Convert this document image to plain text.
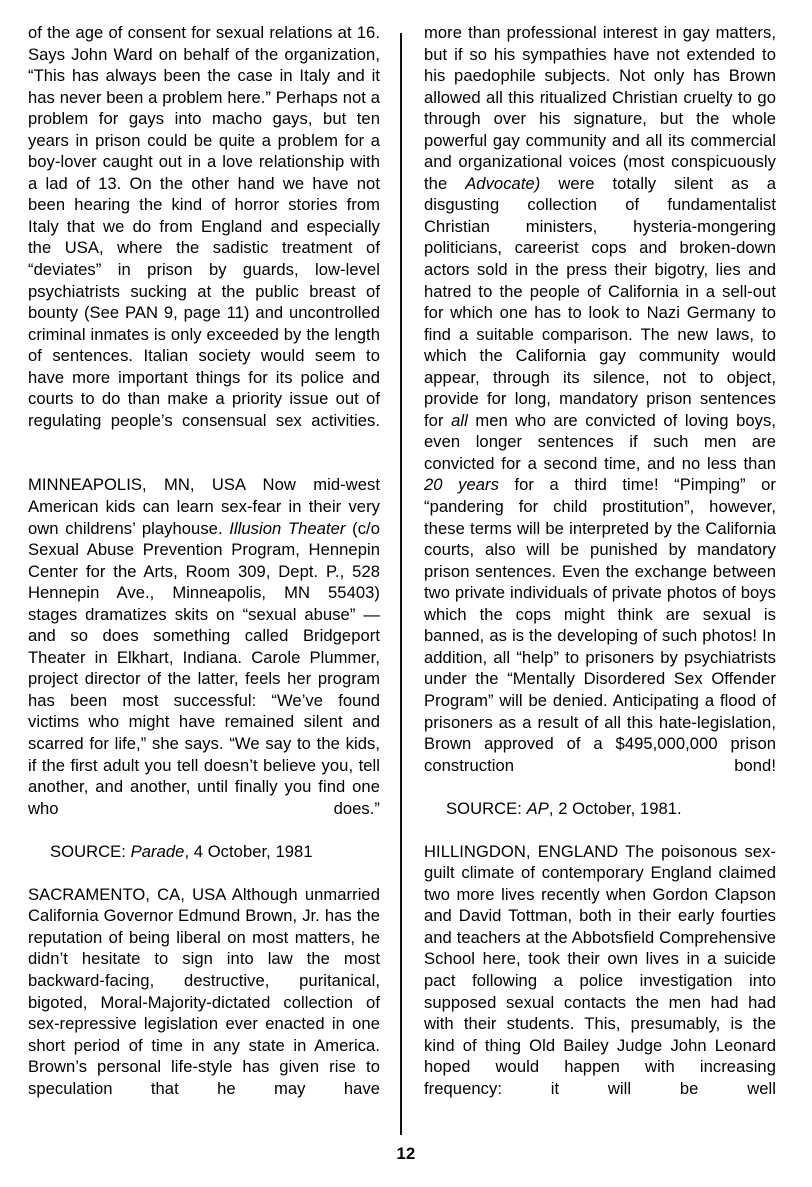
of the age of consent for sexual relations at 16. Says John Ward on behalf of the organization, “This has always been the case in Italy and it has never been a problem here.” Perhaps not a problem for gays into macho gays, but ten years in prison could be quite a problem for a boy-lover caught out in a love relationship with a lad of 13. On the other hand we have not been hearing the kind of horror stories from Italy that we do from England and especially the USA, where the sadistic treatment of “deviates” in prison by guards, low-level psychiatrists sucking at the public breast of bounty (See PAN 9, page 11) and uncontrolled criminal inmates is only exceeded by the length of sentences. Italian society would seem to have more important things for its police and courts to do than make a priority issue out of regulating people’s consensual sex activities.

MINNEAPOLIS, MN, USA Now mid-west American kids can learn sex-fear in their very own childrens’ playhouse. Illusion Theater (c/o Sexual Abuse Prevention Program, Hennepin Center for the Arts, Room 309, Dept. P., 528 Hennepin Ave., Minneapolis, MN 55403) stages dramatizes skits on “sexual abuse” — and so does something called Bridgeport Theater in Elkhart, Indiana. Carole Plummer, project director of the latter, feels her program has been most successful: “We’ve found victims who might have remained silent and scarred for life,” she says. “We say to the kids, if the first adult you tell doesn’t believe you, tell another, and another, until finally you find one who does.”

SOURCE: Parade, 4 October, 1981

SACRAMENTO, CA, USA Although unmarried California Governor Edmund Brown, Jr. has the reputation of being liberal on most matters, he didn’t hesitate to sign into law the most backward-facing, destructive, puritanical, bigoted, Moral-Majority-dictated collection of sex-repressive legislation ever enacted in one short period of time in any state in America. Brown’s personal life-style has given rise to speculation that he may have

more than professional interest in gay matters, but if so his sympathies have not extended to his paedophile subjects. Not only has Brown allowed all this ritualized Christian cruelty to go through over his signature, but the whole powerful gay community and all its commercial and organizational voices (most conspicuously the Advocate) were totally silent as a disgusting collection of fundamentalist Christian ministers, hysteria-mongering politicians, careerist cops and broken-down actors sold in the press their bigotry, lies and hatred to the people of California in a sell-out for which one has to look to Nazi Germany to find a suitable comparison. The new laws, to which the California gay community would appear, through its silence, not to object, provide for long, mandatory prison sentences for all men who are convicted of loving boys, even longer sentences if such men are convicted for a second time, and no less than 20 years for a third time! “Pimping” or “pandering for child prostitution”, however, these terms will be interpreted by the California courts, also will be punished by mandatory prison sentences. Even the exchange between two private individuals of private photos of boys which the cops might think are sexual is banned, as is the developing of such photos! In addition, all “help” to prisoners by psychiatrists under the “Mentally Disordered Sex Offender Program” will be denied. Anticipating a flood of prisoners as a result of all this hate-legislation, Brown approved of a $495,000,000 prison construction bond!

SOURCE: AP, 2 October, 1981.

HILLINGDON, ENGLAND The poisonous sex-guilt climate of contemporary England claimed two more lives recently when Gordon Clapson and David Tottman, both in their early fourties and teachers at the Abbotsfield Comprehensive School here, took their own lives in a suicide pact following a police investigation into supposed sexual contacts the men had had with their students. This, presumably, is the kind of thing Old Bailey Judge John Leonard hoped would happen with increasing frequency: it will be well

12
